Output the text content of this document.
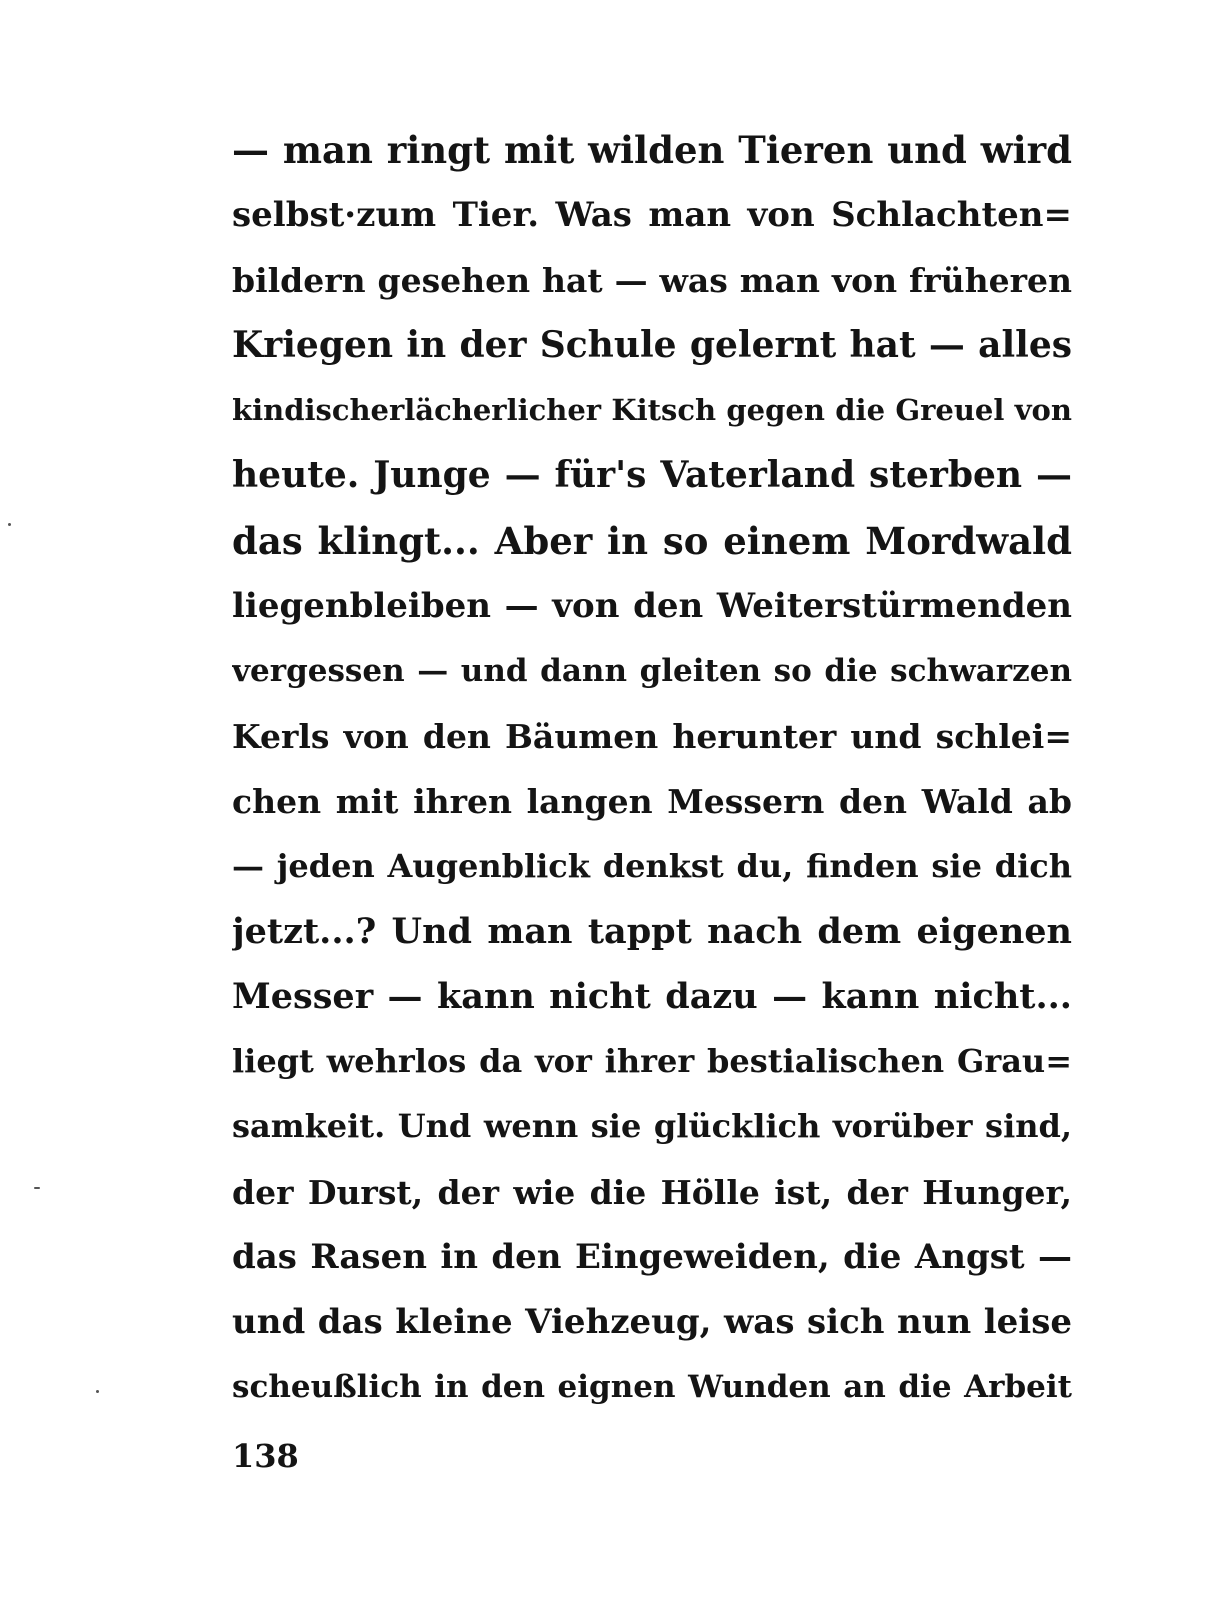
— man ringt mit wilden Tieren und wird
selbst·zum Tier. Was man von Schlachten=
bildern gesehen hat — was man von früheren
Kriegen in der Schule gelernt hat — alles
kindischerlächerlicher Kitsch gegen die Greuel von
heute. Junge — für's Vaterland sterben —
das klingt... Aber in so einem Mordwald
liegenbleiben — von den Weiterstürmenden
vergessen — und dann gleiten so die schwarzen
Kerls von den Bäumen herunter und schlei=
chen mit ihren langen Messern den Wald ab
— jeden Augenblick denkst du, finden sie dich
jetzt...? Und man tappt nach dem eigenen
Messer — kann nicht dazu — kann nicht...
liegt wehrlos da vor ihrer bestialischen Grau=
samkeit. Und wenn sie glücklich vorüber sind,
der Durst, der wie die Hölle ist, der Hunger,
das Rasen in den Eingeweiden, die Angst —
und das kleine Viehzeug, was sich nun leise
scheußlich in den eignen Wunden an die Arbeit
138
